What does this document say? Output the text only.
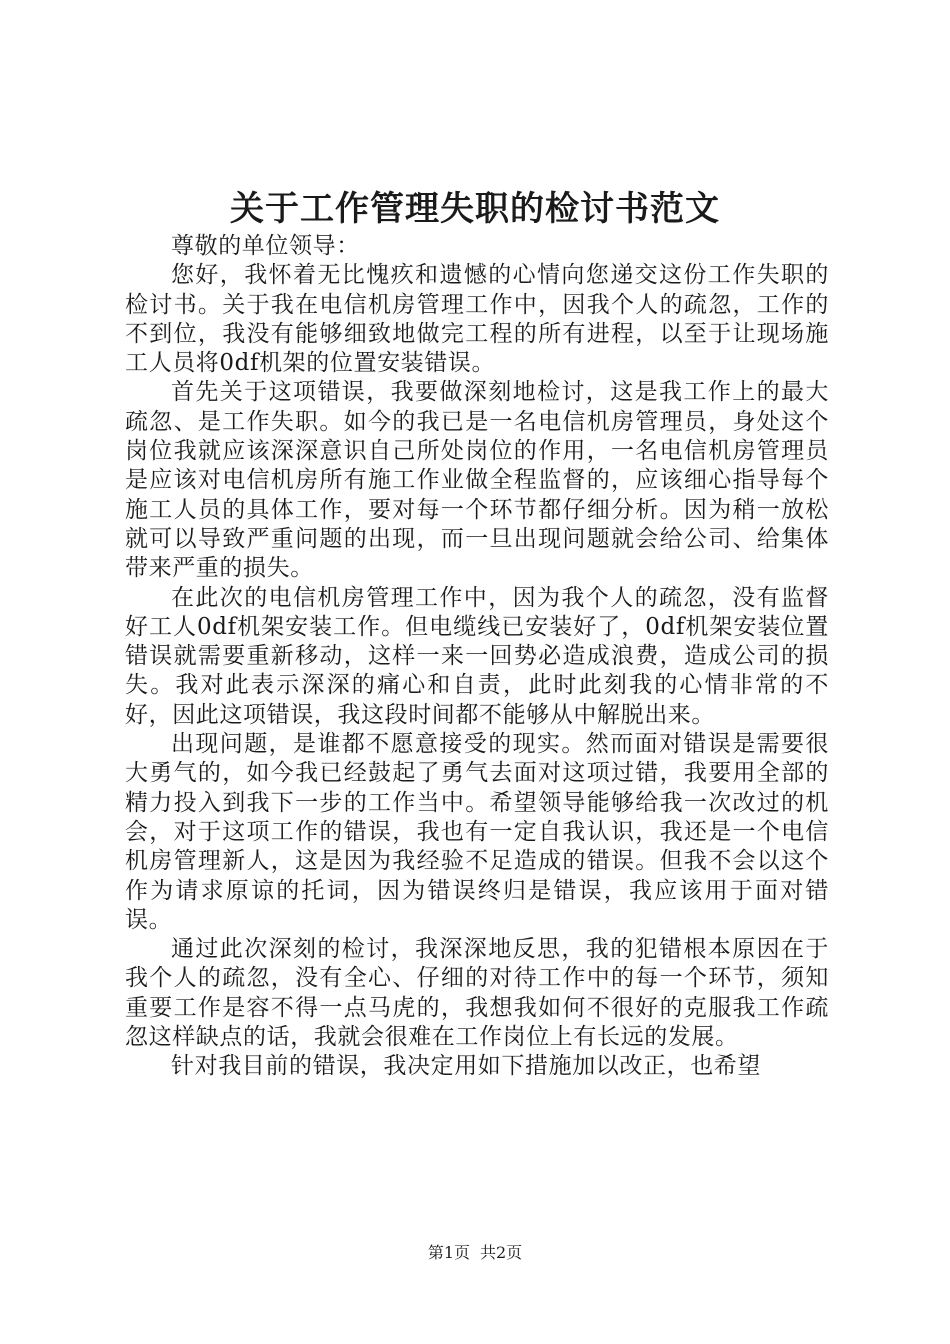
关于工作管理失职的检讨书范文

尊敬的单位领导：

您好，我怀着无比愧疚和遗憾的心情向您递交这份工作失职的检讨书。关于我在电信机房管理工作中，因我个人的疏忽，工作的不到位，我没有能够细致地做完工程的所有进程，以至于让现场施工人员将0df机架的位置安装错误。

首先关于这项错误，我要做深刻地检讨，这是我工作上的最大疏忽、是工作失职。如今的我已是一名电信机房管理员，身处这个岗位我就应该深深意识自己所处岗位的作用，一名电信机房管理员是应该对电信机房所有施工作业做全程监督的，应该细心指导每个施工人员的具体工作，要对每一个环节都仔细分析。因为稍一放松就可以导致严重问题的出现，而一旦出现问题就会给公司、给集体带来严重的损失。

在此次的电信机房管理工作中，因为我个人的疏忽，没有监督好工人0df机架安装工作。但电缆线已安装好了，0df机架安装位置错误就需要重新移动，这样一来一回势必造成浪费，造成公司的损失。我对此表示深深的痛心和自责，此时此刻我的心情非常的不好，因此这项错误，我这段时间都不能够从中解脱出来。

出现问题，是谁都不愿意接受的现实。然而面对错误是需要很大勇气的，如今我已经鼓起了勇气去面对这项过错，我要用全部的精力投入到我下一步的工作当中。希望领导能够给我一次改过的机会，对于这项工作的错误，我也有一定自我认识，我还是一个电信机房管理新人，这是因为我经验不足造成的错误。但我不会以这个作为请求原谅的托词，因为错误终归是错误，我应该用于面对错误。

通过此次深刻的检讨，我深深地反思，我的犯错根本原因在于我个人的疏忽，没有全心、仔细的对待工作中的每一个环节，须知重要工作是容不得一点马虎的，我想我如何不很好的克服我工作疏忽这样缺点的话，我就会很难在工作岗位上有长远的发展。

针对我目前的错误，我决定用如下措施加以改正，也希望

第1页 共2页
